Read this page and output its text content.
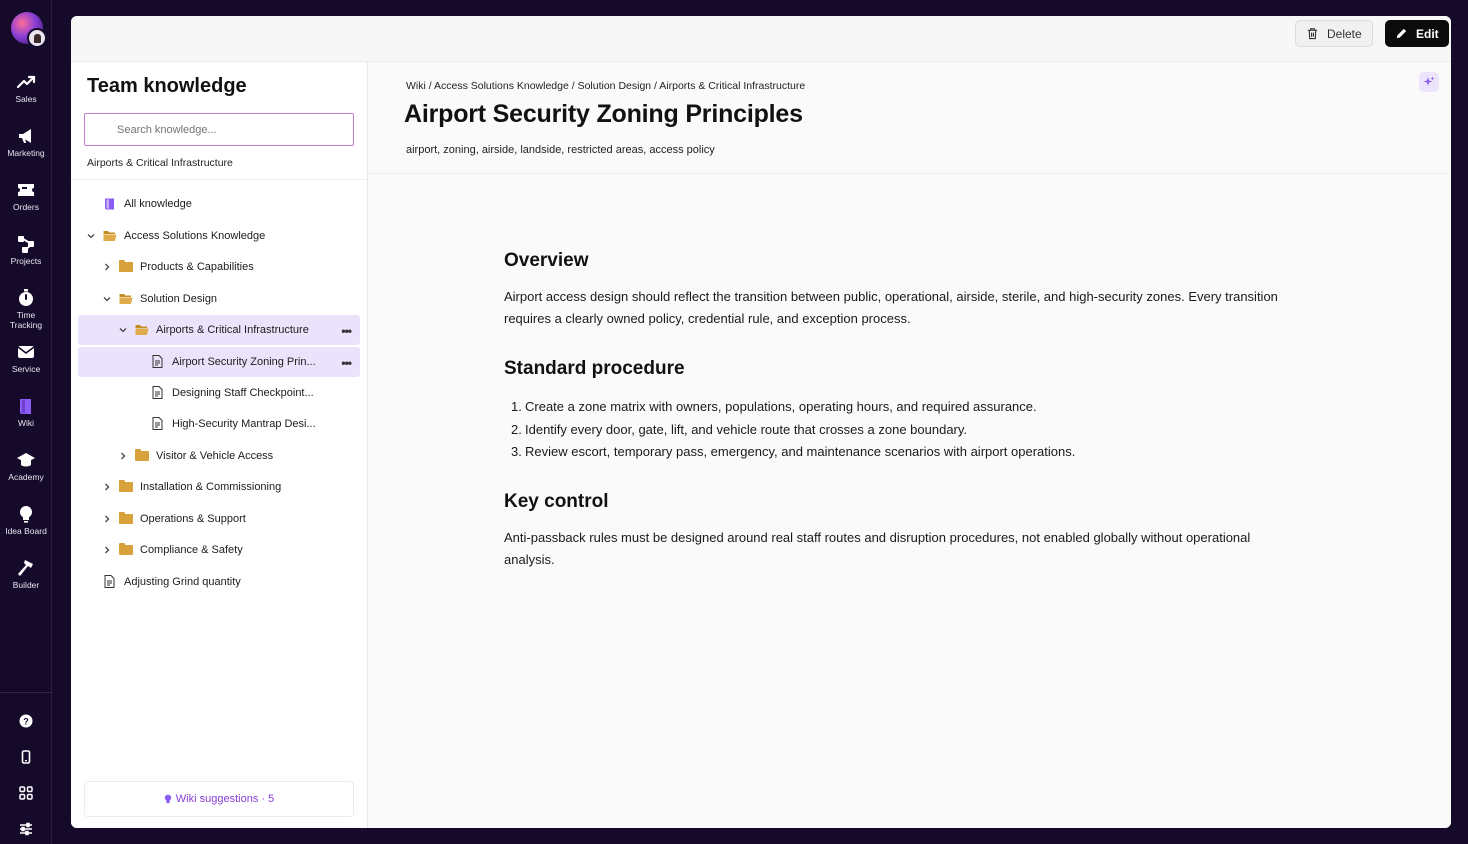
Sales
Marketing
Orders
Projects
Time Tracking
Service
Wiki
Academy
Idea Board
Builder
?
Delete	Edit
Team knowledge
Search knowledge...
Airports & Critical Infrastructure
All knowledge
Access Solutions Knowledge
Products & Capabilities
Solution Design
Airports & Critical Infrastructure	•••
Airport Security Zoning Prin...	•••
Designing Staff Checkpoint...
High-Security Mantrap Desi...
Visitor & Vehicle Access
Installation & Commissioning
Operations & Support
Compliance & Safety
Adjusting Grind quantity
Wiki suggestions · 5
Wiki / Access Solutions Knowledge / Solution Design / Airports & Critical Infrastructure
Airport Security Zoning Principles
airport, zoning, airside, landside, restricted areas, access policy
Overview

Airport access design should reflect the transition between public, operational, airside, sterile, and high-security zones. Every transition
requires a clearly owned policy, credential rule, and exception process.

Standard procedure
1. Create a zone matrix with owners, populations, operating hours, and required assurance.
2. Identify every door, gate, lift, and vehicle route that crosses a zone boundary.
3. Review escort, temporary pass, emergency, and maintenance scenarios with airport operations.
Key control

Anti-passback rules must be designed around real staff routes and disruption procedures, not enabled globally without operational
analysis.
